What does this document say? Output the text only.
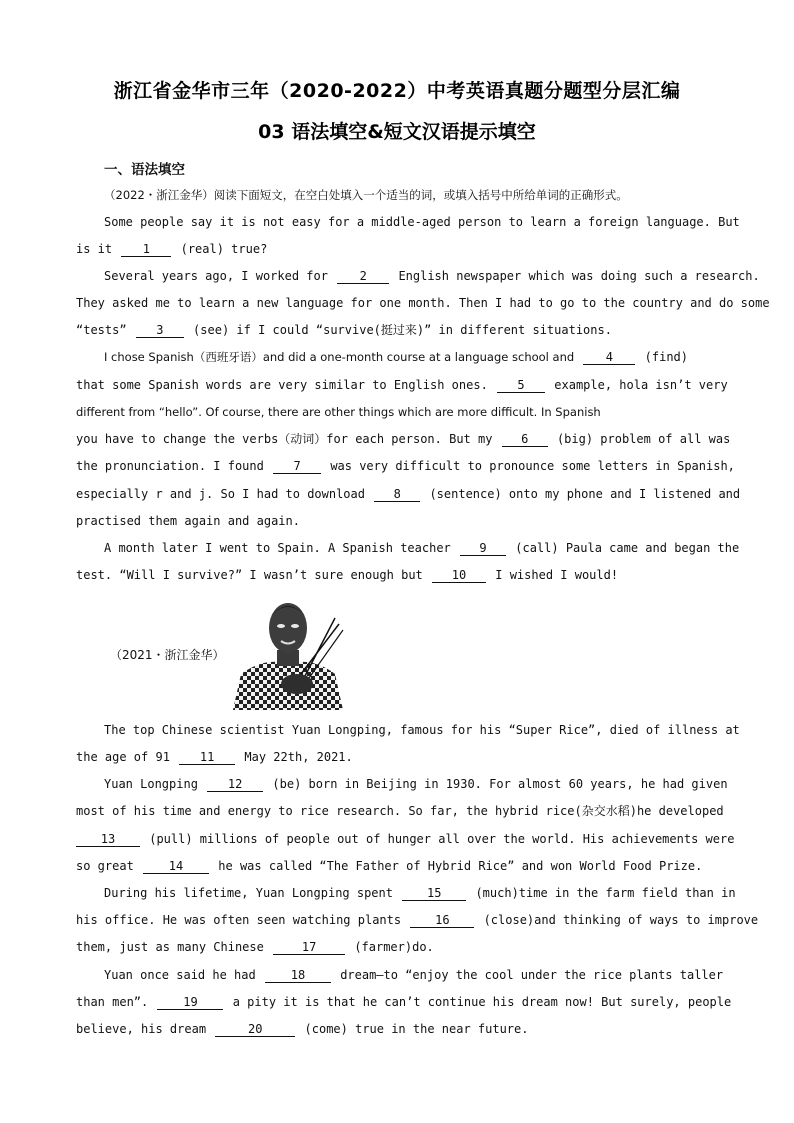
浙江省金华市三年（2020-2022）中考英语真题分题型分层汇编
03 语法填空&短文汉语提示填空
一、语法填空
（2022・浙江金华）阅读下面短文，在空白处填入一个适当的词，或填入括号中所给单词的正确形式。
Some people say it is not easy for a middle-aged person to learn a foreign language. But
is it	1	(real) true?
Several years ago, I worked for	2	English newspaper which was doing such a research.
They asked me to learn a new language for one month. Then I had to go to the country and do some
“tests” 3 (see) if I could “survive(挺过来)” in different situations.
I chose Spanish（西班牙语）and did a one-month course at a language school and	4	(find)
that some Spanish words are very similar to English ones. 5 example, hola isn’t very
different from “hello”. Of course, there are other things which are more difficult. In Spanish
you have to change the verbs（动词）for each person. But my 6 (big) problem of all was
the pronunciation. I found 7 was very difficult to pronounce some letters in Spanish,
especially r and j. So I had to download 8 (sentence) onto my phone and I listened and
practised them again and again.
A month later I went to Spain. A Spanish teacher 9 (call) Paula came and began the
test. “Will I survive?” I wasn’t sure enough but 10 I wished I would!
（2021・浙江金华）
The top Chinese scientist Yuan Longping, famous for his “Super Rice”, died of illness at
the age of 91	11	May 22th, 2021.
Yuan Longping	12	(be) born in Beijing in 1930. For almost 60 years, he had given
most of his time and energy to rice research. So far, the hybrid rice(杂交水稻)he developed
13	(pull) millions of people out of hunger all over the world. His achievements were
so great	14	he was called “The Father of Hybrid Rice” and won World Food Prize.
During his lifetime, Yuan Longping spent	15	(much)time in the farm field than in
his office. He was often seen watching plants	16	(close)and thinking of ways to improve
them, just as many Chinese	17	(farmer)do.
Yuan once said he had	18	dream—to “enjoy the cool under the rice plants taller
than men”.	19	a pity it is that he can’t continue his dream now! But surely, people
believe, his dream	20	(come) true in the near future.
